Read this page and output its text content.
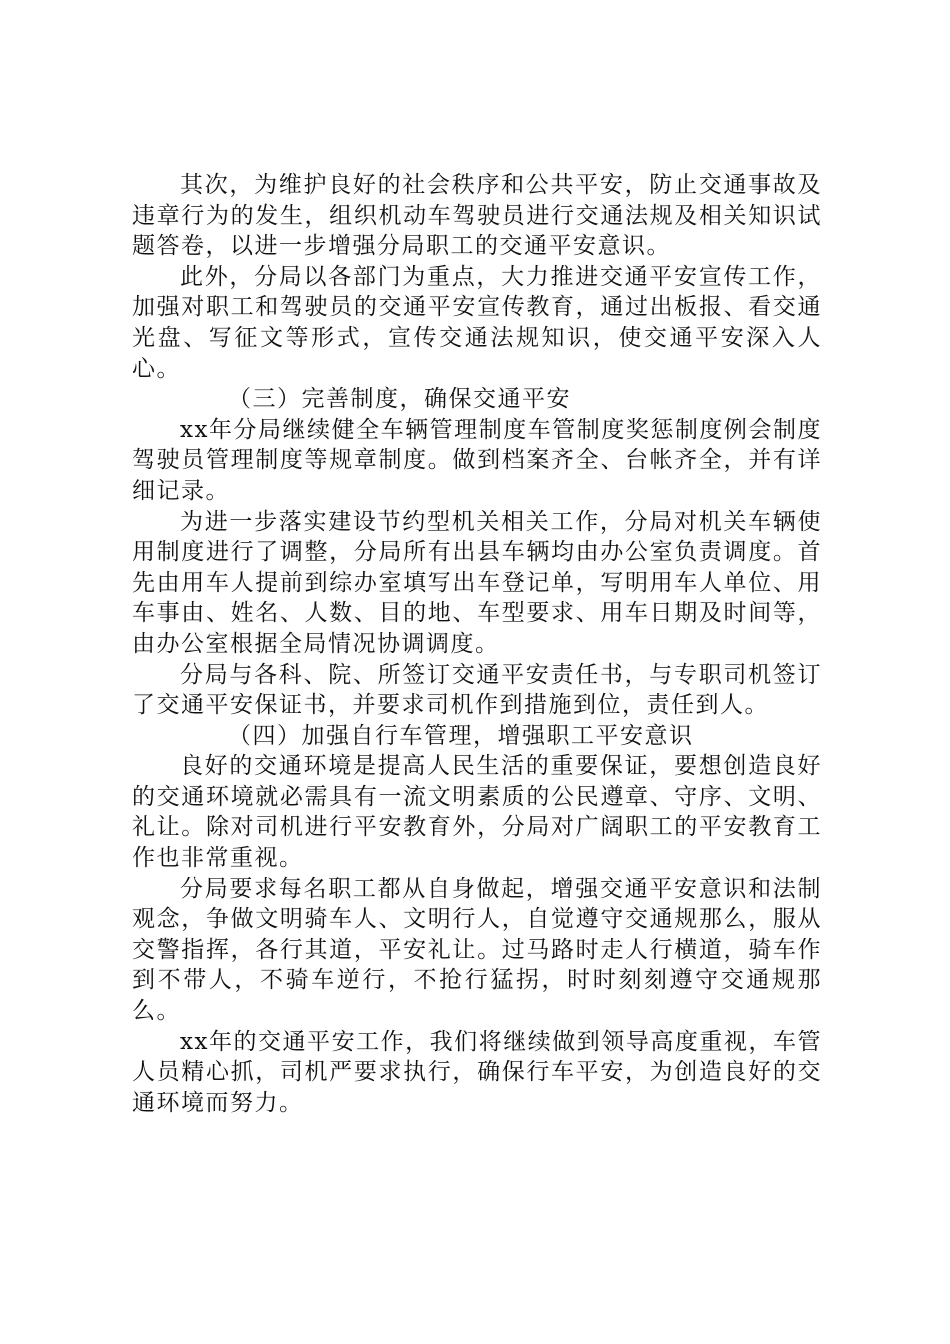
其次，为维护良好的社会秩序和公共平安，防止交通事故及违章行为的发生，组织机动车驾驶员进行交通法规及相关知识试题答卷，以进一步增强分局职工的交通平安意识。

此外，分局以各部门为重点，大力推进交通平安宣传工作，加强对职工和驾驶员的交通平安宣传教育，通过出板报、看交通光盘、写征文等形式，宣传交通法规知识，使交通平安深入人心。

（三）完善制度，确保交通平安

xx年分局继续健全车辆管理制度车管制度奖惩制度例会制度驾驶员管理制度等规章制度。做到档案齐全、台帐齐全，并有详细记录。

为进一步落实建设节约型机关相关工作，分局对机关车辆使用制度进行了调整，分局所有出县车辆均由办公室负责调度。首先由用车人提前到综办室填写出车登记单，写明用车人单位、用车事由、姓名、人数、目的地、车型要求、用车日期及时间等，由办公室根据全局情况协调调度。

分局与各科、院、所签订交通平安责任书，与专职司机签订了交通平安保证书，并要求司机作到措施到位，责任到人。

（四）加强自行车管理，增强职工平安意识

良好的交通环境是提高人民生活的重要保证，要想创造良好的交通环境就必需具有一流文明素质的公民遵章、守序、文明、礼让。除对司机进行平安教育外，分局对广阔职工的平安教育工作也非常重视。

分局要求每名职工都从自身做起，增强交通平安意识和法制观念，争做文明骑车人、文明行人，自觉遵守交通规那么，服从交警指挥，各行其道，平安礼让。过马路时走人行横道，骑车作到不带人，不骑车逆行，不抢行猛拐，时时刻刻遵守交通规那么。

xx年的交通平安工作，我们将继续做到领导高度重视，车管人员精心抓，司机严要求执行，确保行车平安，为创造良好的交通环境而努力。
